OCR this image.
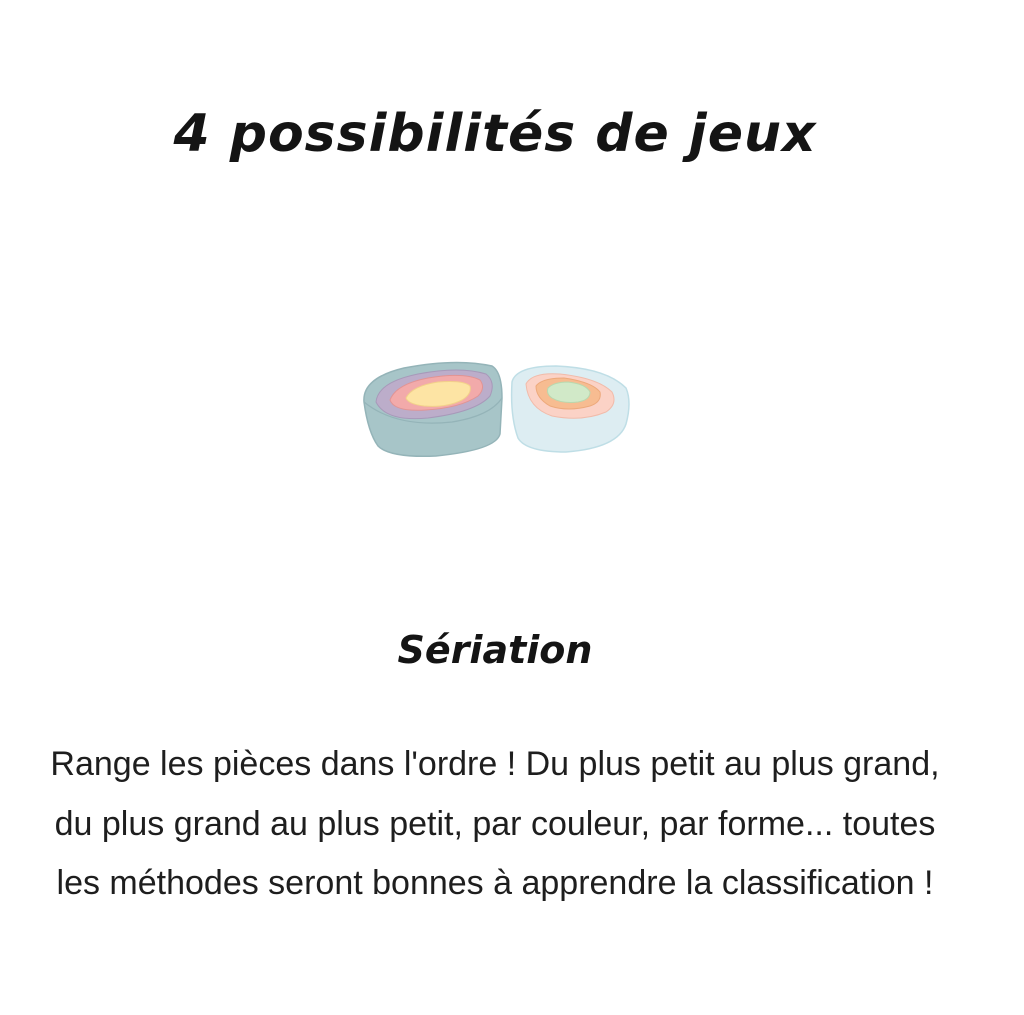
4 possibilités de jeux
Sériation

Range les pièces dans l'ordre ! Du plus petit au plus grand, du plus grand au plus petit, par couleur, par forme... toutes les méthodes seront bonnes à apprendre la classification !
